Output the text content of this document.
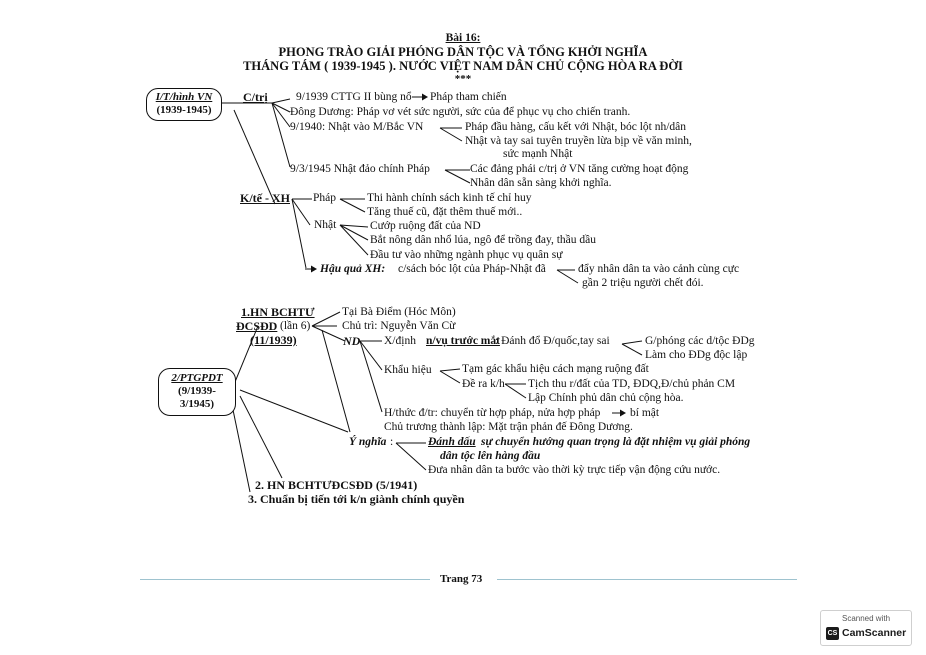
Bài 16:
PHONG TRÀO GIẢI PHÓNG DÂN TỘC VÀ TỔNG KHỞI NGHĨA
THÁNG TÁM ( 1939-1945 ). NƯỚC VIỆT NAM DÂN CHỦ CỘNG HÒA RA ĐỜI
***
I/T/hình VN
(1939-1945)
C/trị 9/1939 CTTG II bùng nổ Pháp tham chiến
Đông Dương: Pháp vơ vét sức người, sức của để phục vụ cho chiến tranh.
9/1940: Nhật vào M/Bắc VN	Pháp đầu hàng, cấu kết với Nhật, bóc lột nh/dân
Nhật và tay sai tuyên truyền lừa bịp về văn minh,
sức mạnh Nhật
9/3/1945 Nhật đảo chính Pháp	Các đảng phái c/trị ở VN tăng cường hoạt động
Nhân dân sẵn sàng khởi nghĩa.
K/tế - XH Pháp	Thi hành chính sách kinh tế chỉ huy
Tăng thuế cũ, đặt thêm thuế mới..
Nhật	Cướp ruộng đất của ND
Bắt nông dân nhổ lúa, ngô để trồng đay, thầu dầu
Đầu tư vào những ngành phục vụ quân sự
Hậu quả XH: c/sách bóc lột của Pháp-Nhật đã	đẩy nhân dân ta vào cảnh cùng cực
gần 2 triệu người chết đói.
2/PTGPDT
(9/1939-
3/1945)
1.HN BCHTƯ
ĐCSĐD (lần 6)
(11/1939)
Tại Bà Điểm (Hóc Môn)
Chủ trì: Nguyễn Văn Cừ
ND X/định n/vụ trước mắt
: Đánh đổ Đ/quốc,tay sai	G/phóng các d/tộc ĐDg
Làm cho ĐDg độc lập
Khẩu hiệu	Tạm gác khẩu hiệu cách mạng ruộng đất
Đề ra k/h Tịch thu r/đất của TD, ĐDQ,Đ/chủ phản CM
Lập Chính phủ dân chủ cộng hòa.
H/thức đ/tr: chuyển từ hợp pháp, nửa hợp pháp	bí mật
Chủ trương thành lập: Mặt trận phản đế Đông Dương.
Ý nghĩa :	Đánh dấu sự chuyển hướng quan trọng là đặt nhiệm vụ giải phóng
dân tộc lên hàng đầu
Đưa nhân dân ta bước vào thời kỳ trực tiếp vận động cứu nước.
2. HN BCHTƯĐCSĐD (5/1941)
3. Chuẩn bị tiến tới k/n giành chính quyền
Trang 73
Scanned with
CS CamScanner
